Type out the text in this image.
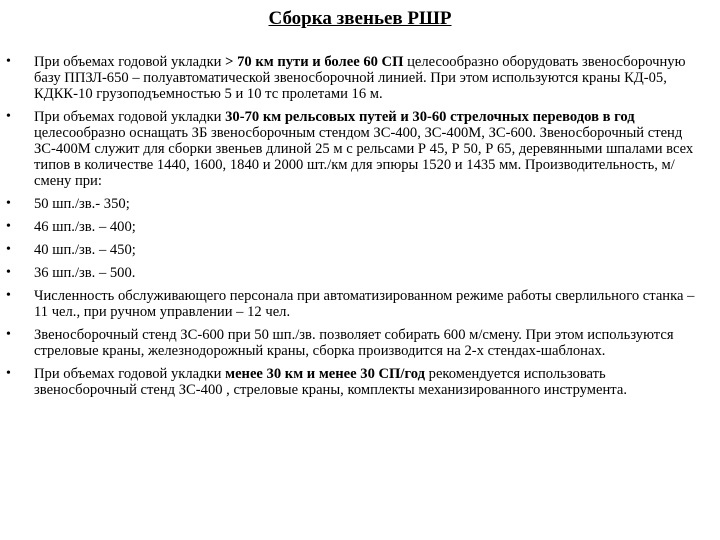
Сборка звеньев РШР
• При объемах годовой укладки > 70 км пути и более 60 СП целесообразно оборудовать звеносборочную базу ППЗЛ-650 – полуавтоматической звеносборочной линией. При этом используются краны КД-05, КДКК-10 грузоподъемностью 5 и 10 тс пролетами 16 м.
• При объемах годовой укладки 30-70 км рельсовых путей и 30-60 стрелочных переводов в год целесообразно оснащать ЗБ звеносборочным стендом ЗС-400, ЗС-400М, ЗС-600. Звеносборочный стенд ЗС-400М служит для сборки звеньев длиной 25 м с рельсами Р 45, Р 50, Р 65, деревянными шпалами всех типов в количестве 1440, 1600, 1840 и 2000 шт./км для эпюры 1520 и 1435 мм. Производительность, м/смену при:
• 50 шп./зв.- 350;
• 46 шп./зв. – 400;
• 40 шп./зв. – 450;
• 36 шп./зв. – 500.
• Численность обслуживающего персонала при автоматизированном режиме работы сверлильного станка – 11 чел., при ручном управлении – 12 чел.
• Звеносборочный стенд ЗС-600 при 50 шп./зв. позволяет собирать 600 м/смену. При этом используются стреловые краны, железнодорожный краны, сборка производится на 2-х стендах-шаблонах.
• При объемах годовой укладки менее 30 км и менее 30 СП/год рекомендуется использовать звеносборочный стенд ЗС-400 , стреловые краны, комплекты механизированного инструмента.
